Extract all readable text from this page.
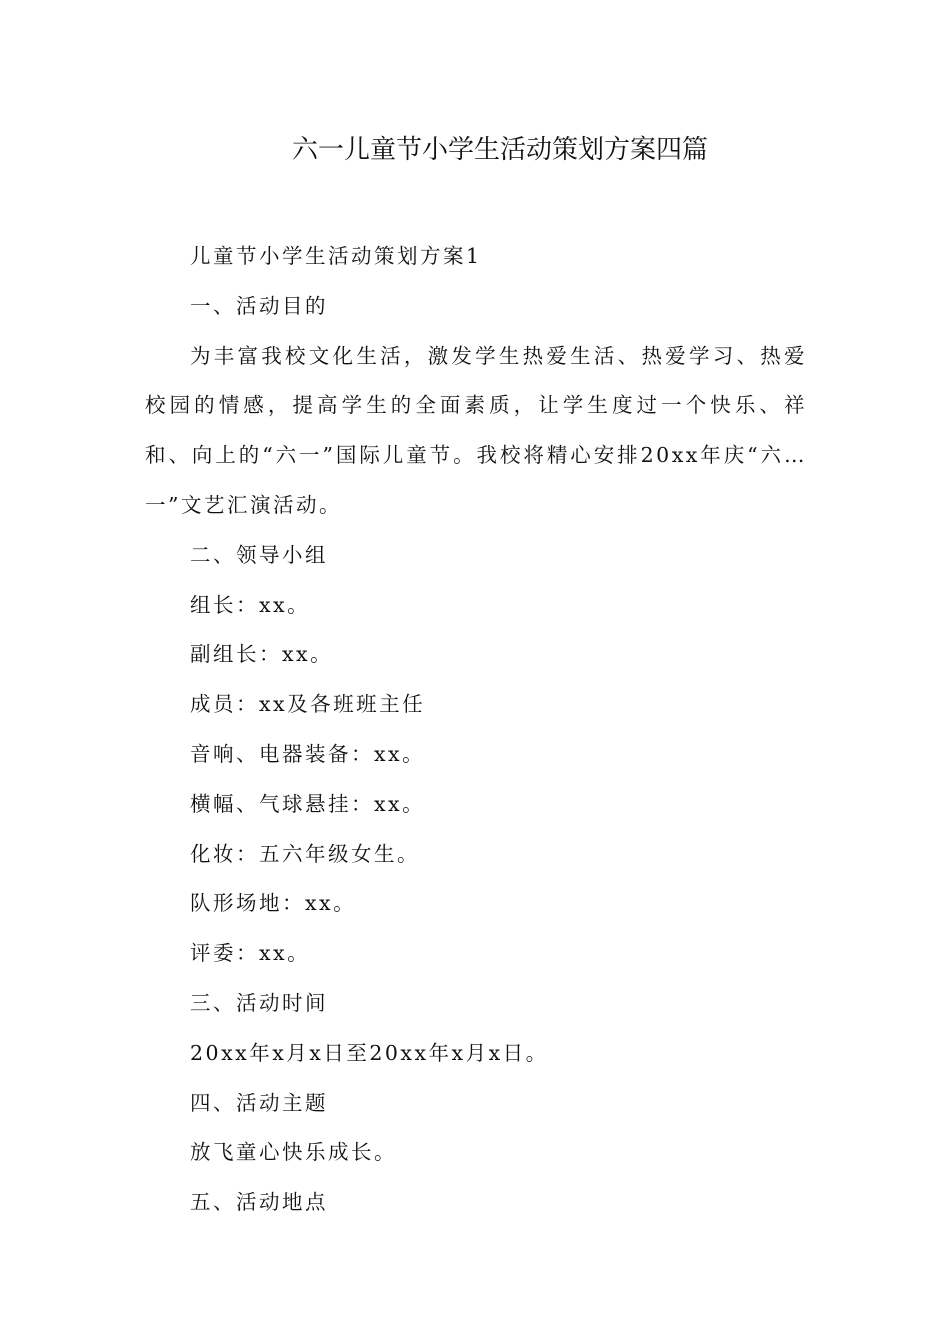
六一儿童节小学生活动策划方案四篇

儿童节小学生活动策划方案1

一、活动目的

为丰富我校文化生活，激发学生热爱生活、热爱学习、热爱校园的情感，提高学生的全面素质，让学生度过一个快乐、祥和、向上的“六一”国际儿童节。我校将精心安排20xx年庆“六…一”文艺汇演活动。

二、领导小组

组长：xx。

副组长：xx。

成员：xx及各班班主任

音响、电器装备：xx。

横幅、气球悬挂：xx。

化妆：五六年级女生。

队形场地：xx。

评委：xx。

三、活动时间

20xx年x月x日至20xx年x月x日。

四、活动主题

放飞童心快乐成长。

五、活动地点
